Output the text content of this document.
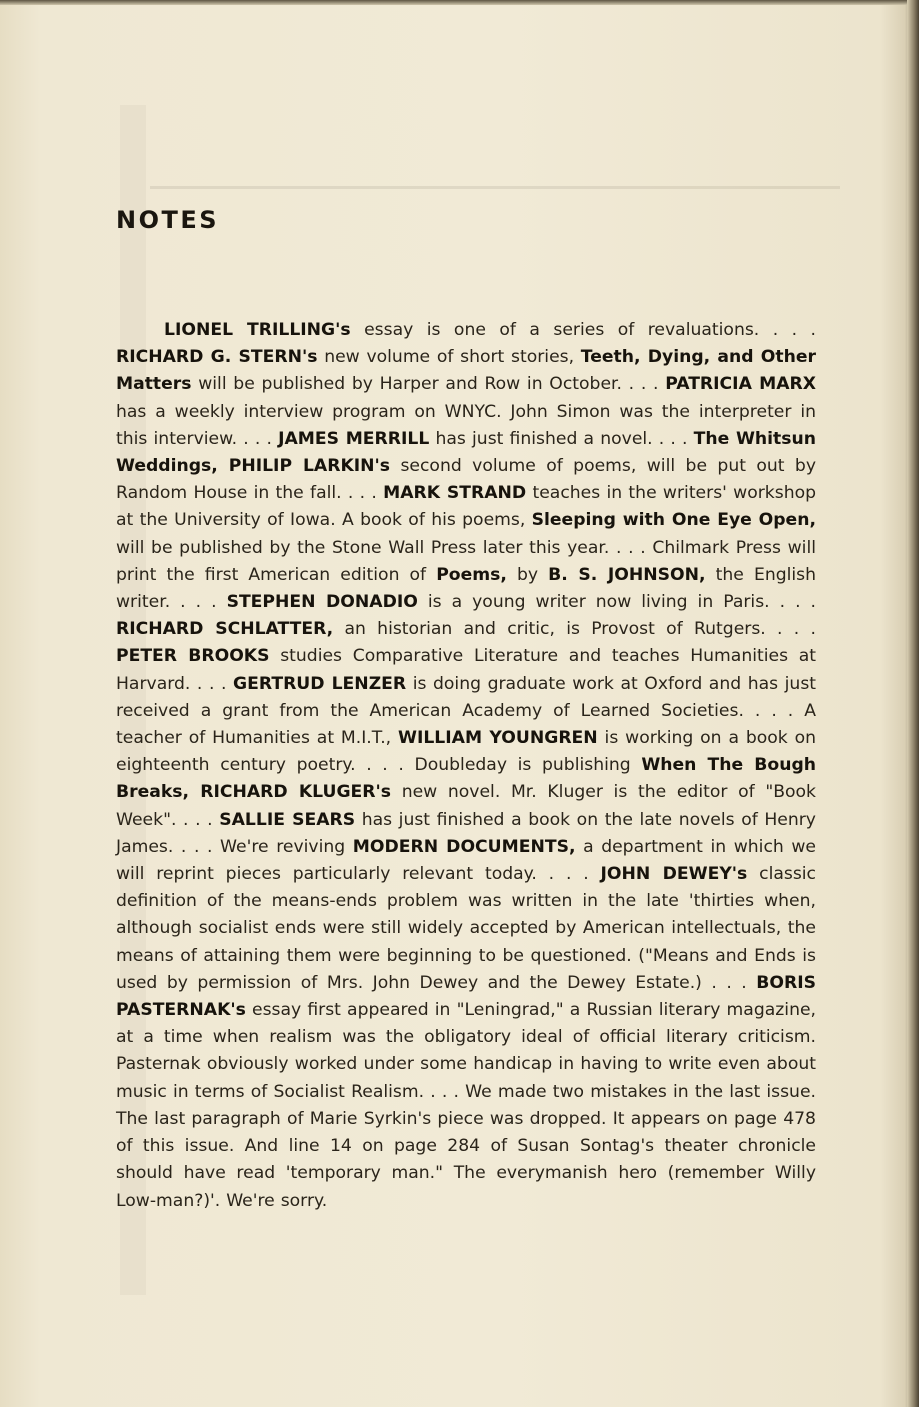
NOTES

LIONEL TRILLING's essay is one of a series of revaluations. . . . RICHARD G. STERN's new volume of short stories, Teeth, Dying, and Other Matters will be published by Harper and Row in October. . . . PATRICIA MARX has a weekly interview program on WNYC. John Simon was the interpreter in this interview. . . . JAMES MERRILL has just finished a novel. . . . The Whitsun Weddings, PHILIP LARKIN's second volume of poems, will be put out by Random House in the fall. . . . MARK STRAND teaches in the writers' workshop at the University of Iowa. A book of his poems, Sleeping with One Eye Open, will be published by the Stone Wall Press later this year. . . . Chilmark Press will print the first American edition of Poems, by B. S. JOHNSON, the English writer. . . . STEPHEN DONADIO is a young writer now living in Paris. . . . RICHARD SCHLATTER, an historian and critic, is Provost of Rutgers. . . . PETER BROOKS studies Comparative Literature and teaches Humanities at Harvard. . . . GERTRUD LENZER is doing graduate work at Oxford and has just received a grant from the American Academy of Learned Societies. . . . A teacher of Humanities at M.I.T., WILLIAM YOUNGREN is working on a book on eighteenth century poetry. . . . Doubleday is publishing When The Bough Breaks, RICHARD KLUGER's new novel. Mr. Kluger is the editor of "Book Week". . . . SALLIE SEARS has just finished a book on the late novels of Henry James. . . . We're reviving MODERN DOCUMENTS, a department in which we will reprint pieces particularly relevant today. . . . JOHN DEWEY's classic definition of the means-ends problem was written in the late 'thirties when, although socialist ends were still widely accepted by American intellectuals, the means of attaining them were beginning to be questioned. ("Means and Ends is used by permission of Mrs. John Dewey and the Dewey Estate.) . . . BORIS PASTERNAK's essay first appeared in "Leningrad," a Russian literary magazine, at a time when realism was the obligatory ideal of official literary criticism. Pasternak obviously worked under some handicap in having to write even about music in terms of Socialist Realism. . . . We made two mistakes in the last issue. The last paragraph of Marie Syrkin's piece was dropped. It appears on page 478 of this issue. And line 14 on page 284 of Susan Sontag's theater chronicle should have read 'temporary man." The everymanish hero (remember Willy Low-man?)'. We're sorry.
